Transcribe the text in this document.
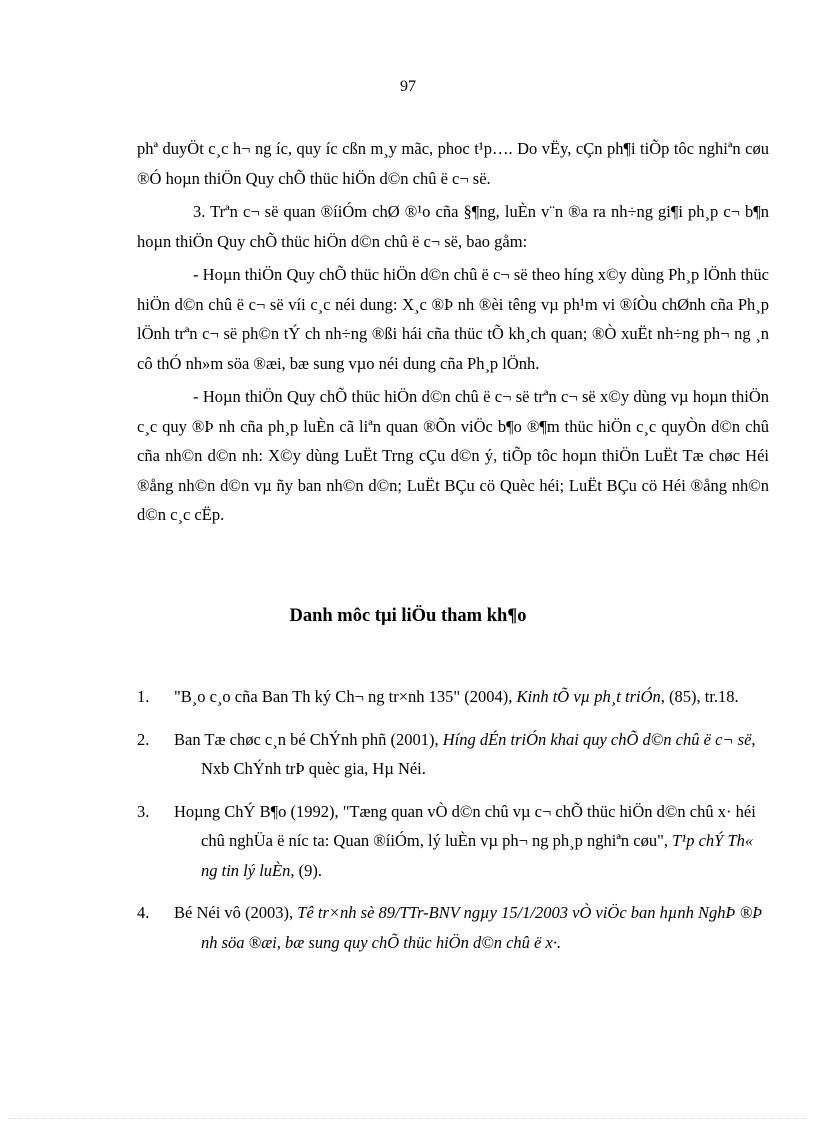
97

phª duyÖt c¸c h¬ ng íc, quy íc cßn m¸y mãc, phoc t¹p…. Do vËy, cÇn ph¶i tiÕp tôc nghiªn cøu ®Ó hoµn thiÖn Quy chÕ thüc hiÖn d©n chû ë c¬ së.

3. Trªn c¬ së quan ®íiÓm chØ ®¹o cña §¶ng, luÈn v¨n ®a ra nh÷ng gi¶i ph¸p c¬ b¶n hoµn thiÖn Quy chÕ thüc hiÖn d©n chû ë c¬ së, bao gåm:

- Hoµn thiÖn Quy chÕ thüc hiÖn d©n chû ë c¬ së theo híng x©y dùng Ph¸p lÖnh thüc hiÖn d©n chû ë c¬ së víi c¸c néi dung: X¸c ®Þ nh ®èi têng vµ ph¹m vi ®íÒu chØnh cña Ph¸p lÖnh trªn c¬ së ph©n tÝ ch nh÷ng ®ßi hái cña thüc tÕ kh¸ch quan; ®Ò xuËt nh÷ng ph¬ ng ¸n cô thÓ nh»m söa ®æi, bæ sung vµo néi dung cña Ph¸p lÖnh.

- Hoµn thiÖn Quy chÕ thüc hiÖn d©n chû ë c¬ së trªn c¬ së x©y dùng vµ hoµn thiÖn c¸c quy ®Þ nh cña ph¸p luÈn cã liªn quan ®Õn viÖc b¶o ®¶m thüc hiÖn c¸c quyÒn d©n chû cña nh©n d©n nh: X©y dùng LuËt Trng cÇu d©n ý, tiÕp tôc hoµn thiÖn LuËt Tæ chøc Héi ®ång nh©n d©n vµ ñy ban nh©n d©n; LuËt BÇu cö Quèc héi; LuËt BÇu cö Héi ®ång nh©n d©n c¸c cËp.

Danh môc tµi liÖu tham kh¶o
1. "B¸o c¸o cña Ban Th ký Ch¬ ng tr×nh 135" (2004), Kinh tÕ vµ ph¸t triÓn, (85), tr.18.
2. Ban Tæ chøc c¸n bé ChÝnh phñ (2001), Híng dÉn triÓn khai quy chÕ d©n chû ë c¬ së, Nxb ChÝnh trÞ quèc gia, Hµ Néi.
3. Hoµng ChÝ B¶o (1992), "Tæng quan vÒ d©n chû vµ c¬ chÕ thüc hiÖn d©n chû x· héi chû nghÜa ë níc ta: Quan ®íiÓm, lý luÈn vµ ph¬ ng ph¸p nghiªn cøu", T¹p chÝ Th« ng tin lý luÈn, (9).
4. Bé Néi vô (2003), Tê tr×nh sè 89/TTr-BNV ngµy 15/1/2003 vÒ viÖc ban hµnh NghÞ ®Þ nh söa ®æi, bæ sung quy chÕ thüc hiÖn d©n chû ë x·.
